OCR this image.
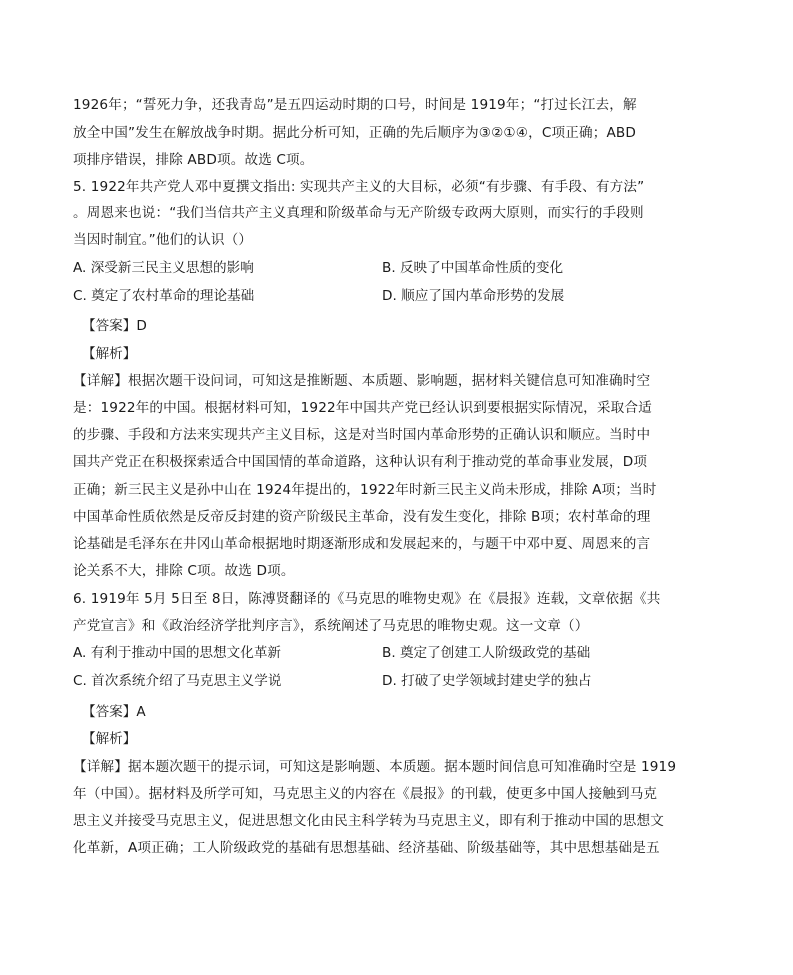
1926年；“誓死力争，还我青岛”是五四运动时期的口号，时间是 1919年；“打过长江去，解
放全中国”发生在解放战争时期。据此分析可知，正确的先后顺序为③②①④，C项正确；ABD
项排序错误，排除 ABD项。故选 C项。
5. 1922年共产党人邓中夏撰文指出: 实现共产主义的大目标，必须“有步骤、有手段、有方法”
。周恩来也说：“我们当信共产主义真理和阶级革命与无产阶级专政两大原则，而实行的手段则
当因时制宜。”他们的认识（）
A. 深受新三民主义思想的影响	B. 反映了中国革命性质的变化
C. 奠定了农村革命的理论基础	D. 顺应了国内革命形势的发展
【答案】D
【解析】
【详解】根据次题干设问词，可知这是推断题、本质题、影响题，据材料关键信息可知准确时空
是：1922年的中国。根据材料可知，1922年中国共产党已经认识到要根据实际情况，采取合适
的步骤、手段和方法来实现共产主义目标，这是对当时国内革命形势的正确认识和顺应。当时中
国共产党正在积极探索适合中国国情的革命道路，这种认识有利于推动党的革命事业发展，D项
正确；新三民主义是孙中山在 1924年提出的，1922年时新三民主义尚未形成，排除 A项；当时
中国革命性质依然是反帝反封建的资产阶级民主革命，没有发生变化，排除 B项；农村革命的理
论基础是毛泽东在井冈山革命根据地时期逐渐形成和发展起来的，与题干中邓中夏、周恩来的言
论关系不大，排除 C项。故选 D项。
6. 1919年 5月 5日至 8日，陈溥贤翻译的《马克思的唯物史观》在《晨报》连载，文章依据《共
产党宣言》和《政治经济学批判序言》，系统阐述了马克思的唯物史观。这一文章（）
A. 有利于推动中国的思想文化革新	B. 奠定了创建工人阶级政党的基础
C. 首次系统介绍了马克思主义学说	D. 打破了史学领域封建史学的独占
【答案】A
【解析】
【详解】据本题次题干的提示词，可知这是影响题、本质题。据本题时间信息可知准确时空是 1919
年（中国）。据材料及所学可知，马克思主义的内容在《晨报》的刊载，使更多中国人接触到马克
思主义并接受马克思主义，促进思想文化由民主科学转为马克思主义，即有利于推动中国的思想文
化革新，A项正确；工人阶级政党的基础有思想基础、经济基础、阶级基础等，其中思想基础是五
